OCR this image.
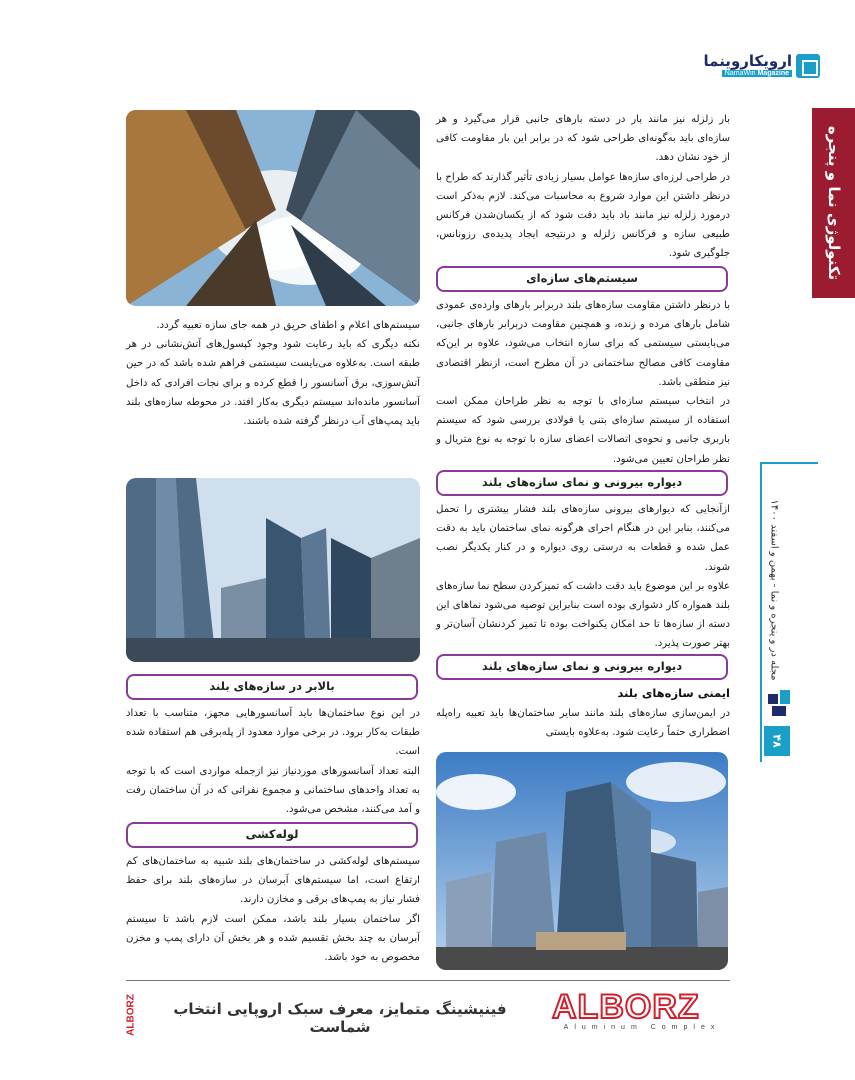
ارویکاروینما
NamaWin Magazine
تکنولوژی نما و پنجره
مجله در و پنجره و نما - بهمن و اسفند ۱۴۰۰
۴۸

بار زلزله نیز مانند بار در دسته بارهای جانبی قرار می‌گیرد و هر سازه‌ای باید به‌گونه‌ای طراحی شود که در برابر این بار مقاومت کافی از خود نشان دهد.

در طراحی لرزه‌ای سازه‌ها عوامل بسیار زیادی تأثیر گذارند که طراح با درنظر داشتن این موارد شروع به محاسبات می‌کند. لازم به‌ذکر است درمورد زلزله نیز مانند باد باید دقت شود که از یکسان‌شدن فرکانس طبیعی سازه و فرکانس زلزله و درنتیجه ایجاد پدیده‌ی رزونانس، جلوگیری شود.

سیستم‌های سازه‌ای

با درنظر داشتن مقاومت سازه‌های بلند دربرابر بارهای وارده‌ی عمودی شامل بارهای مرده و زنده، و همچنین مقاومت دربرابر بارهای جانبی، می‌بایستی سیستمی که برای سازه انتخاب می‌شود، علاوه بر این‌که مقاومت کافی مصالح ساختمانی در آن مطرح است، ازنظر اقتصادی نیز منطقی باشد.

در انتخاب سیستم سازه‌ای با توجه به نظر طراحان ممکن است استفاده از سیستم سازه‌ای بتنی یا فولادی بررسی شود که سیستم باربری جانبی و نحوه‌ی اتصالات اعضای سازه با توجه به نوع متریال و نظر طراحان تعیین می‌شود.

دیواره بیرونی و نمای سازه‌های بلند

ازآنجایی که دیوارهای بیرونی سازه‌های بلند فشار بیشتری را تحمل می‌کنند، بنابر این در هنگام اجرای هرگونه نمای ساختمان باید به دقت عمل شده و قطعات به درستی روی دیواره و در کنار یکدیگر نصب شوند.

علاوه بر این موضوع باید دقت داشت که تمیزکردن سطح نما سازه‌های بلند همواره کار دشواری بوده است بنابراین توصیه می‌شود نماهای این دسته از سازه‌ها تا حد امکان یکنواخت بوده تا تمیز کردنشان آسان‌تر و بهتر صورت پذیرد.

دیواره بیرونی و نمای سازه‌های بلند
ایمنی سازه‌های بلند

در ایمن‌سازی سازه‌های بلند مانند سایر ساختمان‌ها باید تعبیه راه‌پله اضطراری حتماً رعایت شود. به‌علاوه بایستی

سیستم‌های اعلام و اطفای حریق در همه جای سازه تعبیه گردد.

نکته دیگری که باید رعایت شود وجود کپسول‌های آتش‌نشانی در هر طبقه است. به‌علاوه می‌بایست سیستمی فراهم شده باشد که در حین آتش‌سوزی، برق آسانسور را قطع کرده و برای نجات افرادی که داخل آسانسور مانده‌اند سیستم دیگری به‌کار افتد. در محوطه سازه‌های بلند باید پمپ‌های آب درنظر گرفته شده باشند.

بالابر در سازه‌های بلند

در این نوع ساختمان‌ها باید آسانسورهایی مجهز، متناسب با تعداد طبقات به‌کار برود. در برخی موارد معدود از پله‌برقی هم استفاده شده است.

البته تعداد آسانسورهای موردنیاز نیز ازجمله مواردی است که با توجه به تعداد واحدهای ساختمانی و مجموع نفراتی که در آن ساختمان رفت و آمد می‌کنند، مشخص می‌شود.

لوله‌کشی

سیستم‌های لوله‌کشی در ساختمان‌های بلند شبیه به ساختمان‌های کم ارتفاع است، اما سیستم‌های آبرسان در سازه‌های بلند برای حفظ فشار نیاز به پمپ‌های برقی و مخازن دارند.

اگر ساختمان بسیار بلند باشد، ممکن است لازم باشد تا سیستم آبرسان به چند بخش تقسیم شده و هر بخش آن دارای پمپ و مخزن مخصوص به خود باشد.

ALBORZ	فینیشینگ متمایز، معرف سبک اروپایی انتخاب شماست
ALBORZ
Aluminum Complex
